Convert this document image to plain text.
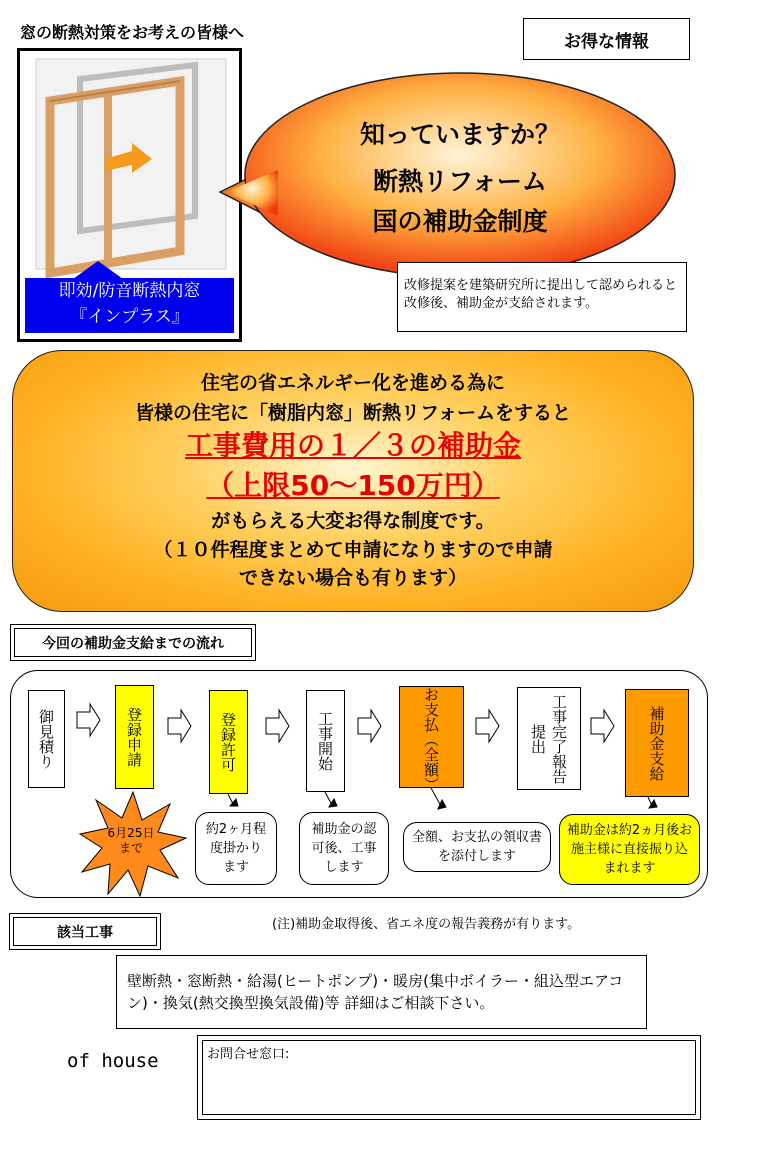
窓の断熱対策をお考えの皆様へ	お得な情報
即効/防音断熱内窓
『インプラス』
知っていますか？
断熱リフォーム
国の補助金制度
改修提案を建築研究所に提出して認められると改修後、補助金が支給されます。
住宅の省エネルギー化を進める為に
皆様の住宅に「樹脂内窓」断熱リフォームをすると
工事費用の１／３の補助金
（上限50～150万円）
がもらえる大変お得な制度です。
（１０件程度まとめて申請になりますので申請
できない場合も有ります）
今回の補助金支給までの流れ
御見積り	登録申請	登録許可	工事開始	お支払（全額）	工事完了報告提出	補助金支給
6月25日まで
約2ヶ月程度掛かります
補助金の認可後、工事します
全額、お支払の領収書を添付します
補助金は約2ヵ月後お施主様に直接振り込まれます
(注)補助金取得後、省エネ度の報告義務が有ります。
該当工事
壁断熱・窓断熱・給湯(ヒートポンプ)・暖房(集中ボイラー・組込型エアコン)・換気(熱交換型換気設備)等 詳細はご相談下さい。
of house	お問合せ窓口:
